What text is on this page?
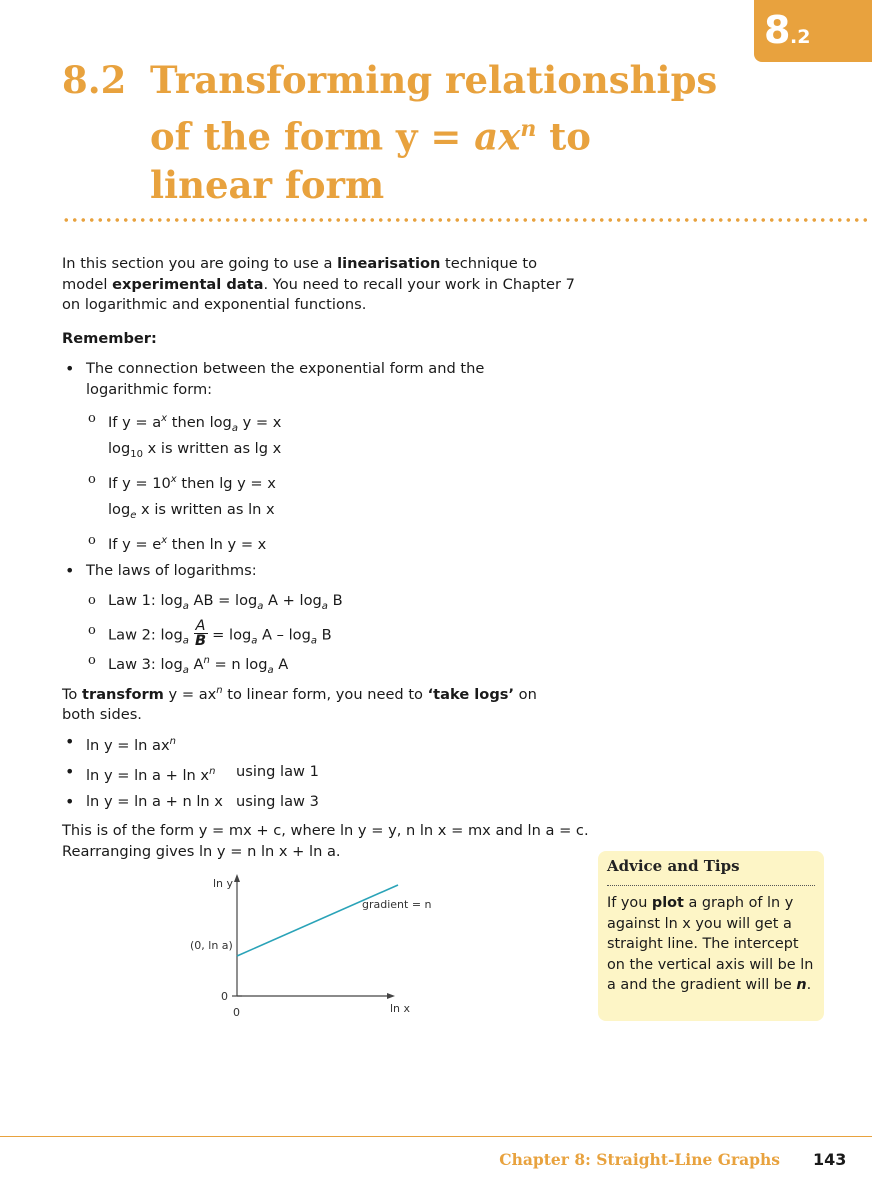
8 .2
8.2 Transforming relationships
of the form $y = ax^n$ to
linear form
In this section you are going to use a linearisation technique to model experimental data. You need to recall your work in Chapter 7 on logarithmic and exponential functions.
Remember:
• The connection between the exponential form and the
logarithmic form:
o If $y = a^x$ then $\log_a y = x$
$\log_{10} x$ is written as lg x
o If $y = 10^x$ then lg y = x
$\log_e x$ is written as ln x
o If $y = e^x$ then ln y = x
• The laws of logarithms:
o Law 1: $\log_a$ AB = $\log_a A + \log_a B$
o Law 2: $\log_a \frac{A}{B} = \log_a A - \log_a B$
o Law 3: $\log_a A^n = n$ $\log_a A$
To transform $y = ax^n$ to linear form, you need to ‘take logs’ on
both sides.
• $\ln y = \ln ax^n$
• $\ln y = \ln a + \ln x^n$ using law 1
• ln y = ln a + n ln x using law 3
This is of the form y = mx + c, where ln y = y, n ln x = mx and ln a = c.
Rearranging gives ln y = n ln x + ln a.
ln y
ln x
gradient = n
(0, ln a)
0
0
Advice and Tips
If you plot a graph of ln y against ln x you will get a straight line. The intercept on the vertical axis will be ln a and the gradient will be n.
Chapter 8: Straight-Line Graphs 143
